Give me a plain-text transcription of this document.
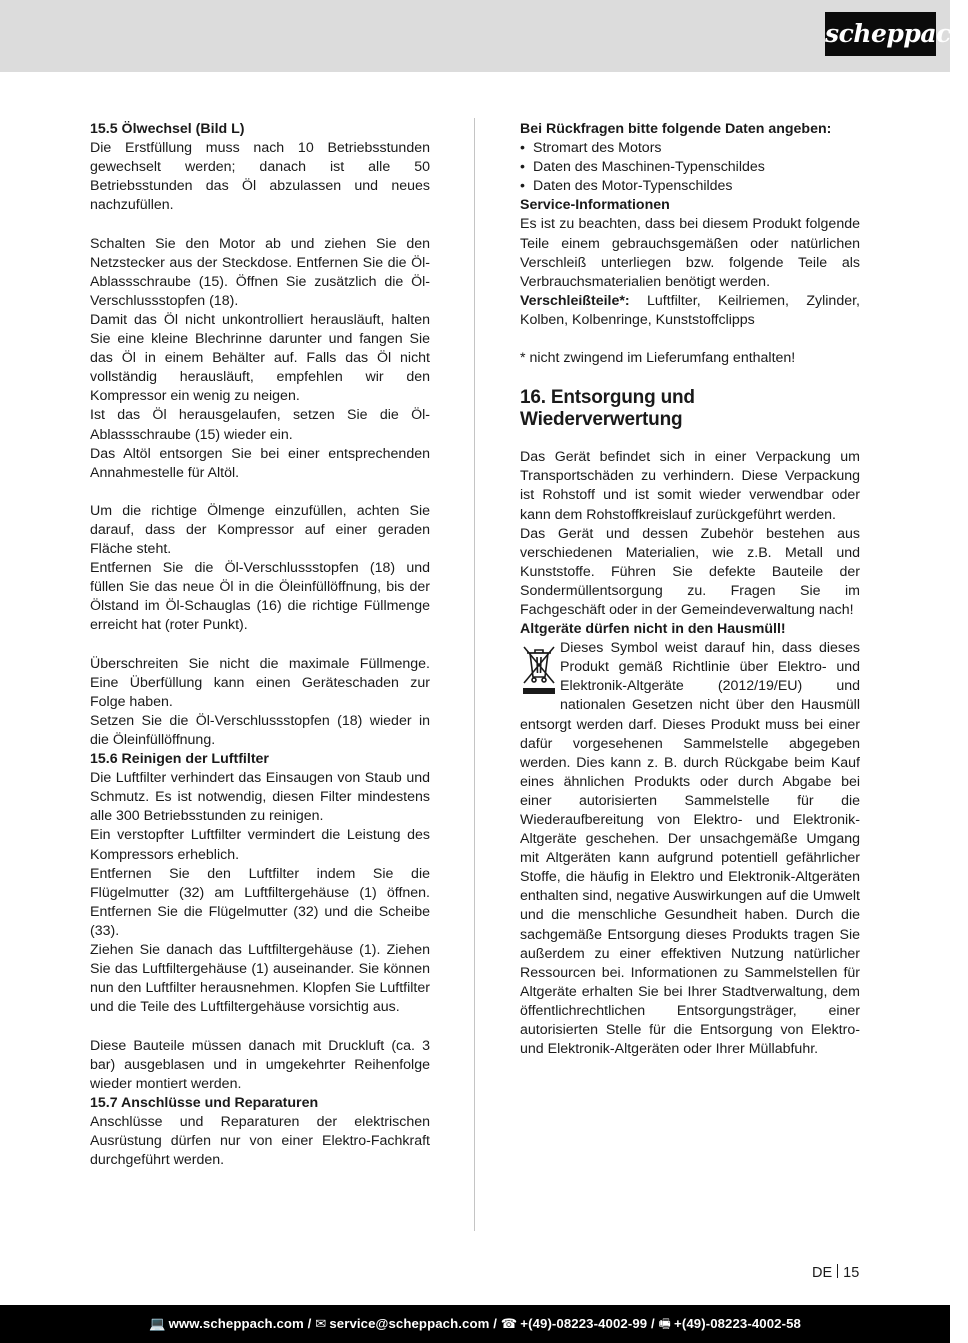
scheppach

15.5 Ölwechsel (Bild L)

Die Erstfüllung muss nach 10 Betriebsstunden gewechselt werden; danach ist alle 50 Betriebsstunden das Öl abzulassen und neues nachzufüllen.

Schalten Sie den Motor ab und ziehen Sie den Netzstecker aus der Steckdose. Entfernen Sie die Öl-Ablassschraube (15). Öffnen Sie zusätzlich die Öl-Verschlussstopfen (18).

Damit das Öl nicht unkontrolliert herausläuft, halten Sie eine kleine Blechrinne darunter und fangen Sie das Öl in einem Behälter auf. Falls das Öl nicht vollständig herausläuft, empfehlen wir den Kompressor ein wenig zu neigen.

Ist das Öl herausgelaufen, setzen Sie die Öl-Ablassschraube (15) wieder ein.

Das Altöl entsorgen Sie bei einer entsprechenden Annahmestelle für Altöl.

Um die richtige Ölmenge einzufüllen, achten Sie darauf, dass der Kompressor auf einer geraden Fläche steht.

Entfernen Sie die Öl-Verschlussstopfen (18) und füllen Sie das neue Öl in die Öleinfüllöffnung, bis der Ölstand im Öl-Schauglas (16) die richtige Füllmenge erreicht hat (roter Punkt).

Überschreiten Sie nicht die maximale Füllmenge. Eine Überfüllung kann einen Geräteschaden zur Folge haben.

Setzen Sie die Öl-Verschlussstopfen (18) wieder in die Öleinfüllöffnung.

15.6 Reinigen der Luftfilter

Die Luftfilter verhindert das Einsaugen von Staub und Schmutz. Es ist notwendig, diesen Filter mindestens alle 300 Betriebsstunden zu reinigen.

Ein verstopfter Luftfilter vermindert die Leistung des Kompressors erheblich.

Entfernen Sie den Luftfilter indem Sie die Flügelmutter (32) am Luftfiltergehäuse (1) öffnen. Entfernen Sie die Flügelmutter (32) und die Scheibe (33).

Ziehen Sie danach das Luftfiltergehäuse (1). Ziehen Sie das Luftfiltergehäuse (1) auseinander. Sie können nun den Luftfilter herausnehmen. Klopfen Sie Luftfilter und die Teile des Luftfiltergehäuse vorsichtig aus.

Diese Bauteile müssen danach mit Druckluft (ca. 3 bar) ausgeblasen und in umgekehrter Reihenfolge wieder montiert werden.

15.7 Anschlüsse und Reparaturen

Anschlüsse und Reparaturen der elektrischen Ausrüstung dürfen nur von einer Elektro-Fachkraft durchgeführt werden.

Bei Rückfragen bitte folgende Daten angeben:

• Stromart des Motors
• Daten des Maschinen-Typenschildes
• Daten des Motor-Typenschildes

Service-Informationen

Es ist zu beachten, dass bei diesem Produkt folgende Teile einem gebrauchsgemäßen oder natürlichen Verschleiß unterliegen bzw. folgende Teile als Verbrauchsmaterialien benötigt werden.

Verschleißteile*: Luftfilter, Keilriemen, Zylinder, Kolben, Kolbenringe, Kunststoffclipps

* nicht zwingend im Lieferumfang enthalten!

16. Entsorgung und Wiederverwertung

Das Gerät befindet sich in einer Verpackung um Transportschäden zu verhindern. Diese Verpackung ist Rohstoff und ist somit wieder verwendbar oder kann dem Rohstoffkreislauf zurückgeführt werden.

Das Gerät und dessen Zubehör bestehen aus verschiedenen Materialien, wie z.B. Metall und Kunststoffe. Führen Sie defekte Bauteile der Sondermüllentsorgung zu. Fragen Sie im Fachgeschäft oder in der Gemeindeverwaltung nach!

Altgeräte dürfen nicht in den Hausmüll!

Dieses Symbol weist darauf hin, dass dieses Produkt gemäß Richtlinie über Elektro- und Elektronik-Altgeräte (2012/19/EU) und nationalen Gesetzen nicht über den Hausmüll entsorgt werden darf. Dieses Produkt muss bei einer dafür vorgesehenen Sammelstelle abgegeben werden. Dies kann z. B. durch Rückgabe beim Kauf eines ähnlichen Produkts oder durch Abgabe bei einer autorisierten Sammelstelle für die Wiederaufbereitung von Elektro- und Elektronik-Altgeräte geschehen. Der unsachgemäße Umgang mit Altgeräten kann aufgrund potentiell gefährlicher Stoffe, die häufig in Elektro und Elektronik-Altgeräten enthalten sind, negative Auswirkungen auf die Umwelt und die menschliche Gesundheit haben. Durch die sachgemäße Entsorgung dieses Produkts tragen Sie außerdem zu einer effektiven Nutzung natürlicher Ressourcen bei. Informationen zu Sammelstellen für Altgeräte erhalten Sie bei Ihrer Stadtverwaltung, dem öffentlichrechtlichen Entsorgungsträger, einer autorisierten Stelle für die Entsorgung von Elektro- und Elektronik-Altgeräten oder Ihrer Müllabfuhr.

DE 15
💻 www.scheppach.com / ✉ service@scheppach.com / ☎ +(49)-08223-4002-99 / 🖷 +(49)-08223-4002-58
